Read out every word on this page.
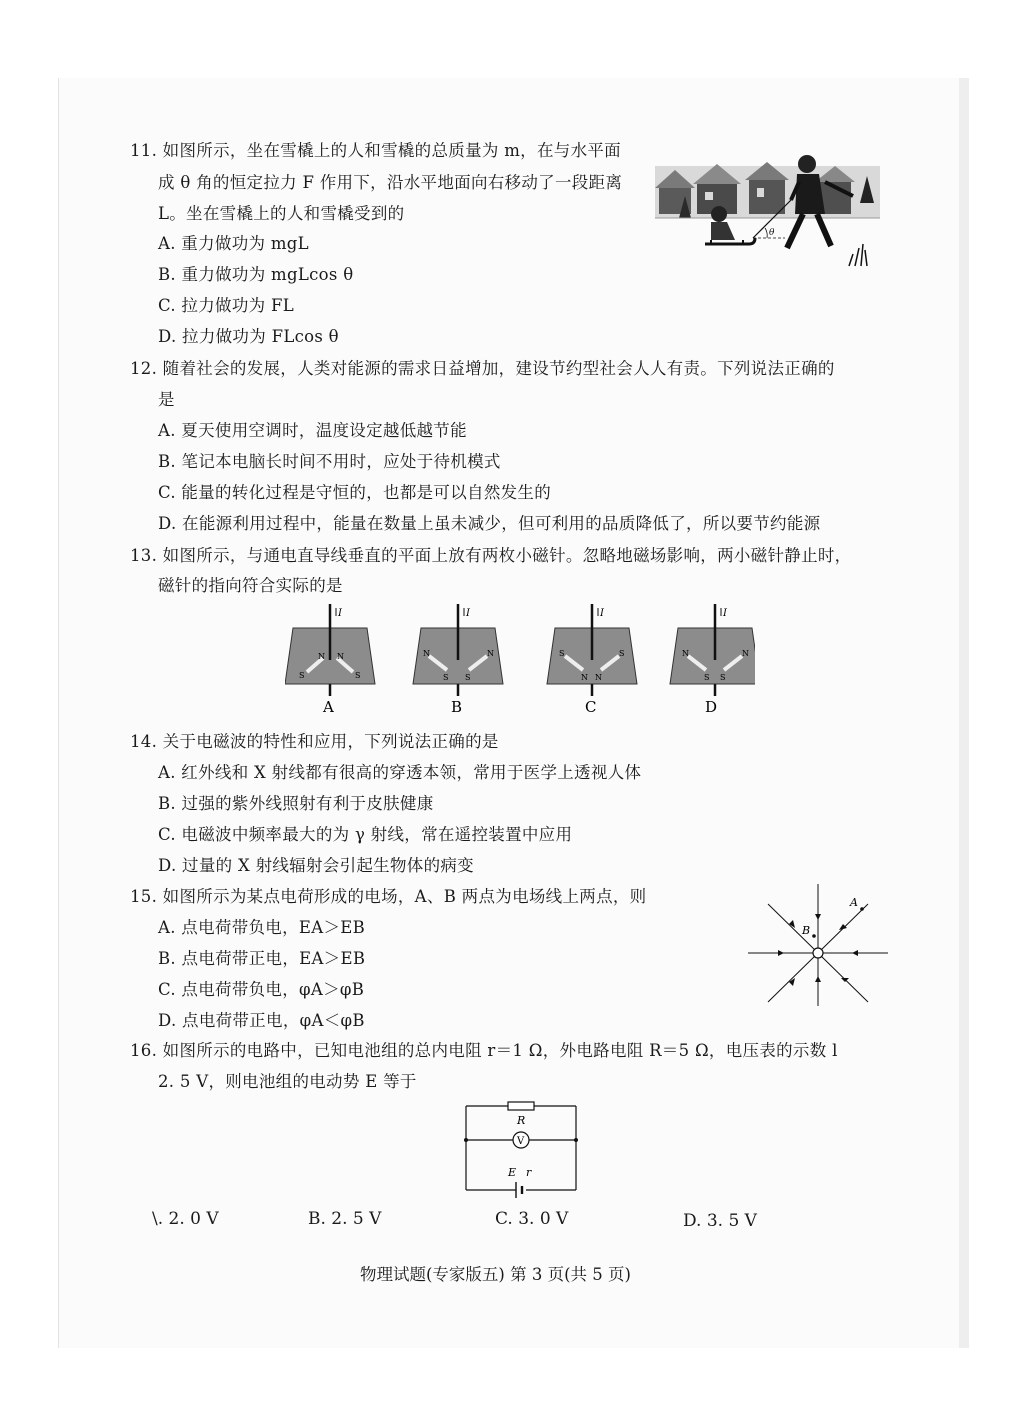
11. 如图所示，坐在雪橇上的人和雪橇的总质量为 m，在与水平面
成 θ 角的恒定拉力 F 作用下，沿水平地面向右移动了一段距离
L。坐在雪橇上的人和雪橇受到的
A. 重力做功为 mgL
B. 重力做功为 mgLcos θ
C. 拉力做功为 FL
D. 拉力做功为 FLcos θ
θ
12. 随着社会的发展，人类对能源的需求日益增加，建设节约型社会人人有责。下列说法正确的
是
A. 夏天使用空调时，温度设定越低越节能
B. 笔记本电脑长时间不用时，应处于待机模式
C. 能量的转化过程是守恒的，也都是可以自然发生的
D. 在能源利用过程中，能量在数量上虽未减少，但可利用的品质降低了，所以要节约能源
13. 如图所示，与通电直导线垂直的平面上放有两枚小磁针。忽略地磁场影响，两小磁针静止时，
磁针的指向符合实际的是
A
I
N
S
N
S
B
I
N
S
N
S
C
I
S
N
S
N
D
I
N
S
N
S
14. 关于电磁波的特性和应用，下列说法正确的是
A. 红外线和 X 射线都有很高的穿透本领，常用于医学上透视人体
B. 过强的紫外线照射有利于皮肤健康
C. 电磁波中频率最大的为 γ 射线，常在遥控装置中应用
D. 过量的 X 射线辐射会引起生物体的病变
15. 如图所示为某点电荷形成的电场，A、B 两点为电场线上两点，则
A. 点电荷带负电，EA＞EB
B. 点电荷带正电，EA＞EB
C. 点电荷带负电，φA＞φB
D. 点电荷带正电，φA＜φB
A
B
16. 如图所示的电路中，已知电池组的总内电阻 r＝1 Ω，外电路电阻 R＝5 Ω，电压表的示数 l
2. 5 V，则电池组的电动势 E 等于
R
V
E r
\. 2. 0 V	B. 2. 5 V	C. 3. 0 V	D. 3. 5 V
物理试题(专家版五) 第 3 页(共 5 页)
